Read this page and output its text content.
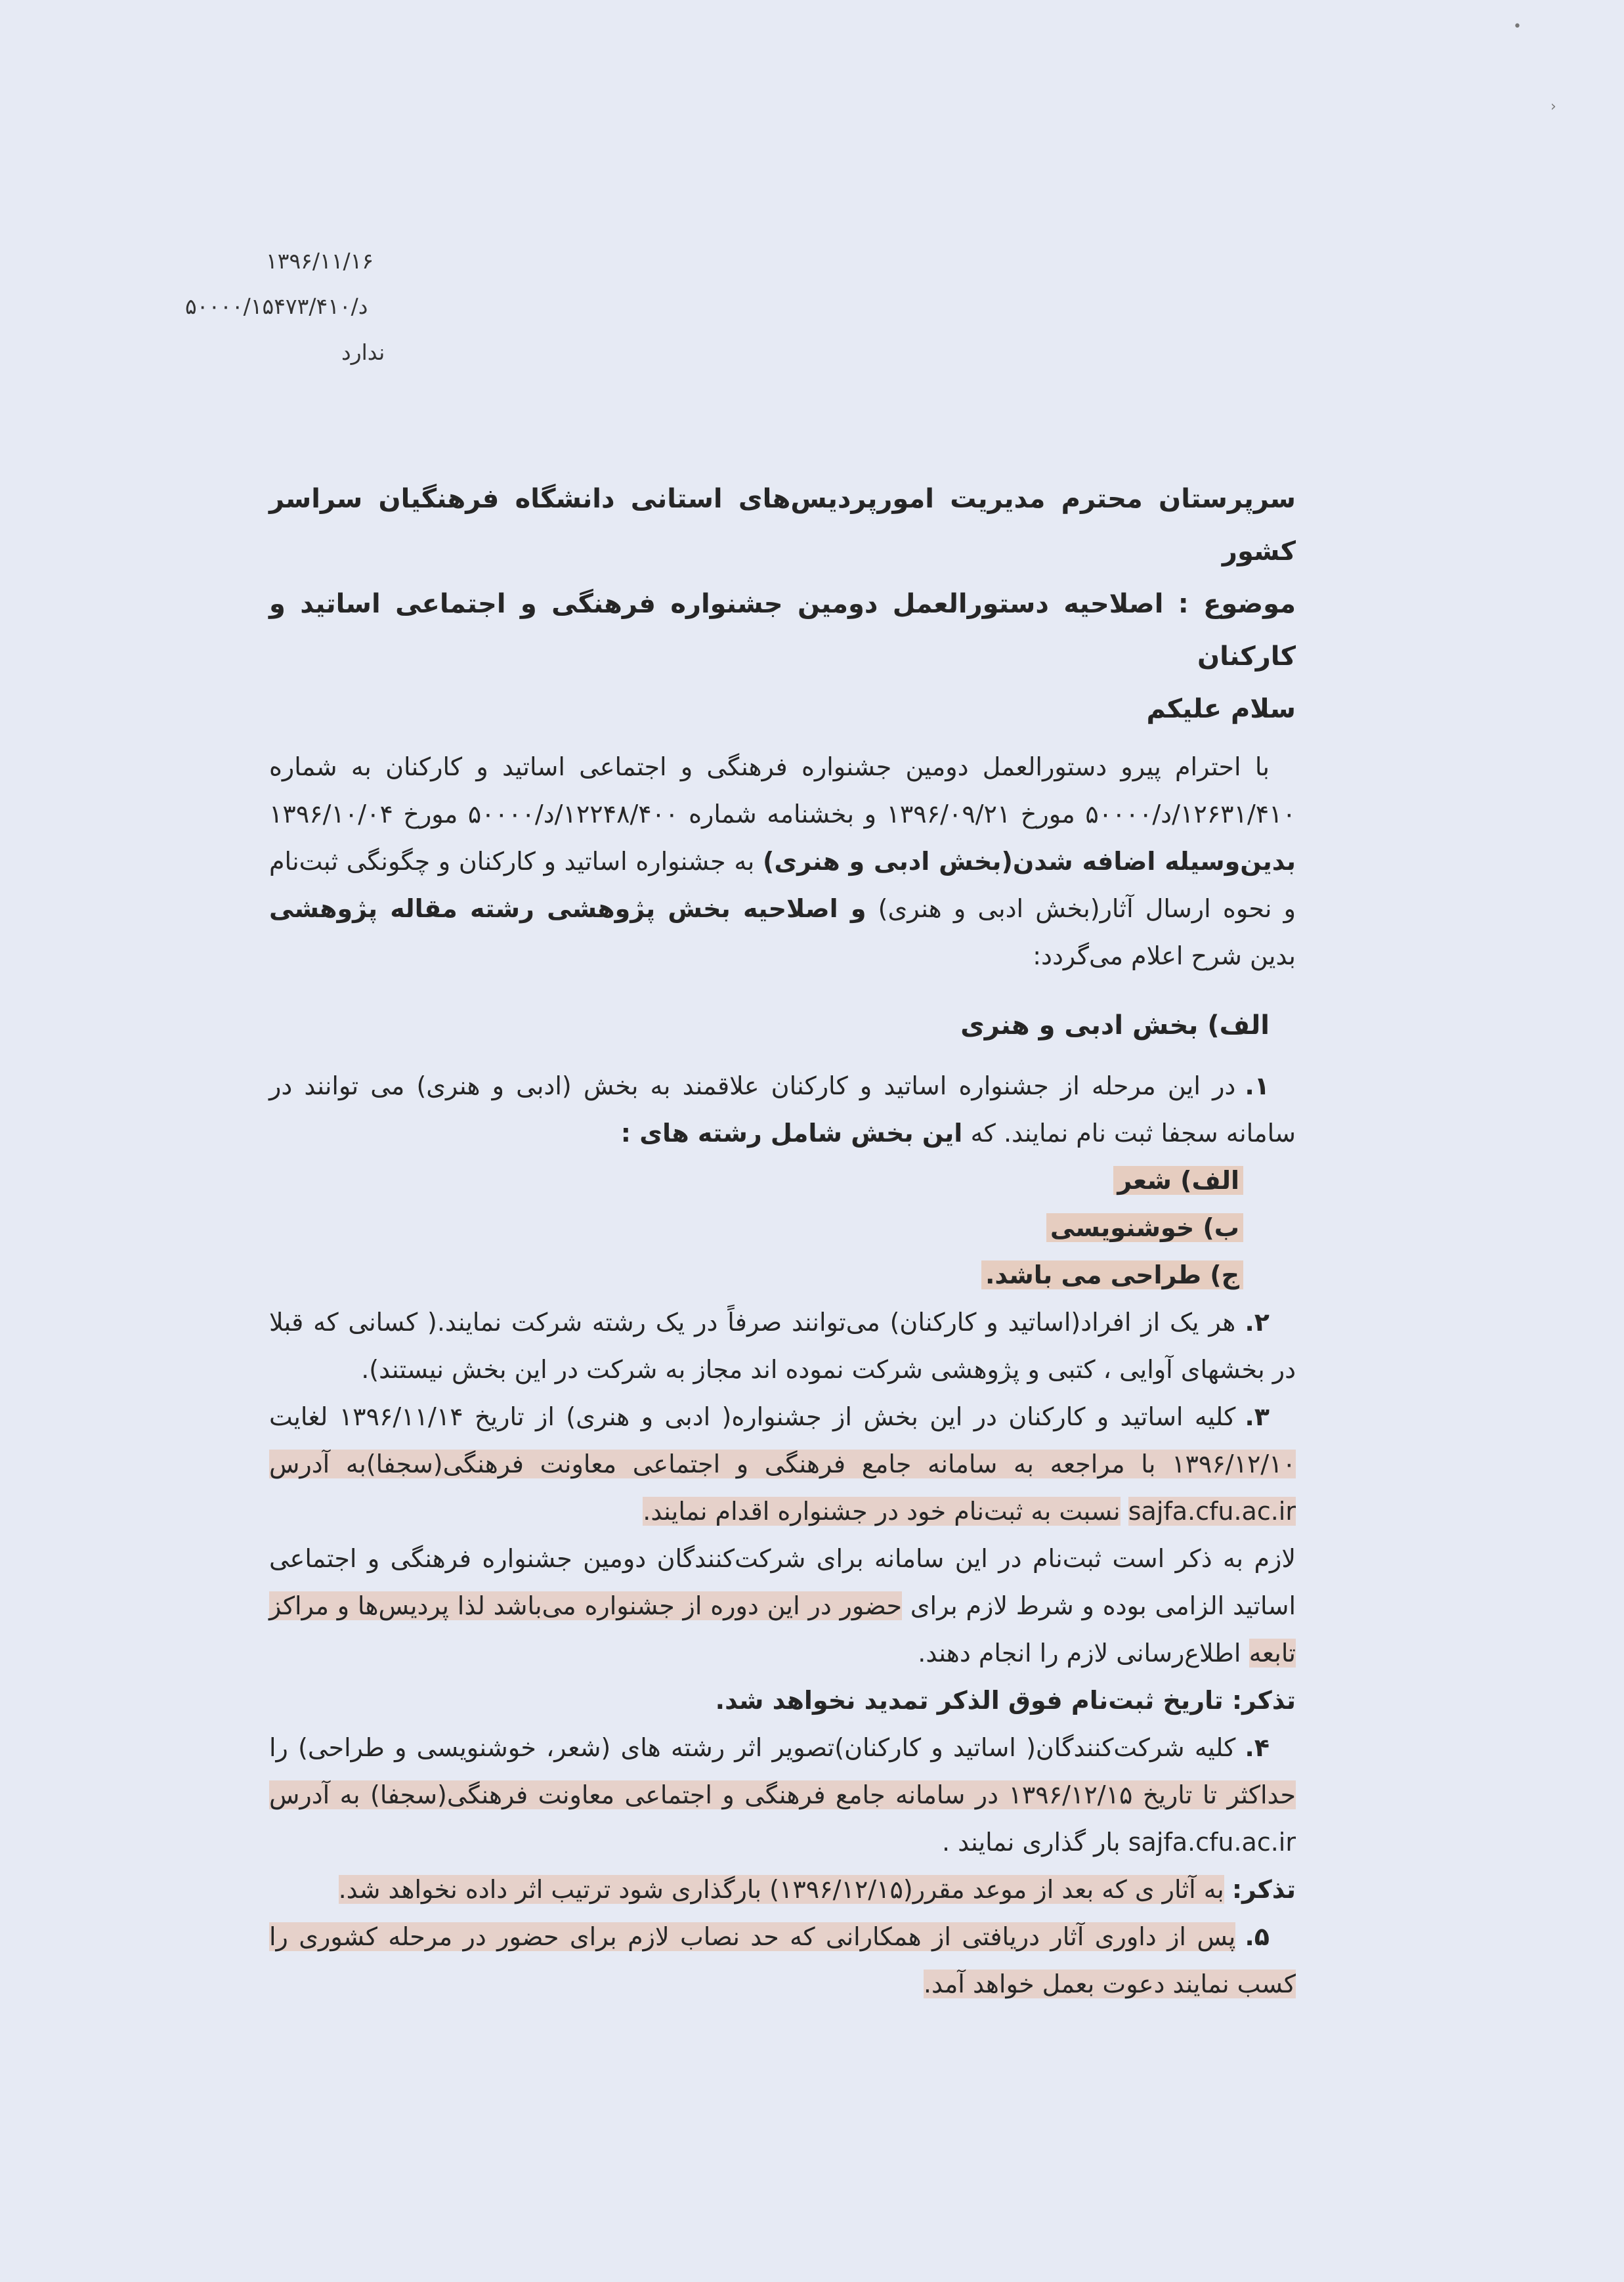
•
›
۱۳۹۶/۱۱/۱۶
د/۵۰۰۰۰/۱۵۴۷۳/۴۱۰
ندارد
سرپرستان محترم مدیریت امورپردیس‌های استانی دانشگاه فرهنگیان سراسر کشور
موضوع : اصلاحیه دستورالعمل دومین جشنواره فرهنگی و اجتماعی اساتید و کارکنان
سلام علیکم

با احترام پیرو دستورالعمل دومین جشنواره فرهنگی و اجتماعی اساتید و کارکنان به شماره ۱۲۶۳۱/۴۱۰/د/۵۰۰۰۰ مورخ ۱۳۹۶/۰۹/۲۱ و بخشنامه شماره ۱۲۲۴۸/۴۰۰/د/۵۰۰۰۰ مورخ ۱۳۹۶/۱۰/۰۴ بدین‌وسیله اضافه شدن(بخش ادبی و هنری) به جشنواره اساتید و کارکنان و چگونگی ثبت‌نام و نحوه ارسال آثار(بخش ادبی و هنری) و اصلاحیه بخش پژوهشی رشته مقاله پژوهشی بدین شرح اعلام می‌گردد:

الف) بخش ادبی و هنری

۱.در این مرحله از جشنواره اساتید و کارکنان علاقمند به بخش (ادبی و هنری) می توانند در سامانه سجفا ثبت نام نمایند. که این بخش شامل رشته های :

الف) شعر

ب) خوشنویسی

ج) طراحی می باشد.

۲.هر یک از افراد(اساتید و کارکنان) می‌توانند صرفاً در یک رشته شرکت نمایند.( کسانی که قبلا در بخشهای آوایی ، کتبی و پژوهشی شرکت نموده اند مجاز به شرکت در این بخش نیستند).

۳.کلیه اساتید و کارکنان در این بخش از جشنواره( ادبی و هنری) از تاریخ ۱۳۹۶/۱۱/۱۴ لغایت ۱۳۹۶/۱۲/۱۰ با مراجعه به سامانه جامع فرهنگی و اجتماعی معاونت فرهنگی(سجفا)به آدرس sajfa.cfu.ac.ir نسبت به ثبت‌نام خود در جشنواره اقدام نمایند.

لازم به ذکر است ثبت‌نام در این سامانه برای شرکت‌کنندگان دومین جشنواره فرهنگی و اجتماعی اساتید الزامی بوده و شرط لازم برای حضور در این دوره از جشنواره می‌باشد لذا پردیس‌ها و مراکز تابعه اطلاع‌رسانی لازم را انجام دهند.

تذکر: تاریخ ثبت‌نام فوق الذکر تمدید نخواهد شد.

۴.کلیه شرکت‌کنندگان( اساتید و کارکنان)تصویر اثر رشته های (شعر، خوشنویسی و طراحی) را حداکثر تا تاریخ ۱۳۹۶/۱۲/۱۵ در سامانه جامع فرهنگی و اجتماعی معاونت فرهنگی(سجفا) به آدرس sajfa.cfu.ac.ir بار گذاری نمایند .

تذکر: به آثار ی که بعد از موعد مقرر(۱۳۹۶/۱۲/۱۵) بارگذاری شود ترتیب اثر داده نخواهد شد.

۵.پس از داوری آثار دریافتی از همکارانی که حد نصاب لازم برای حضور در مرحله کشوری را کسب نمایند دعوت بعمل خواهد آمد.
